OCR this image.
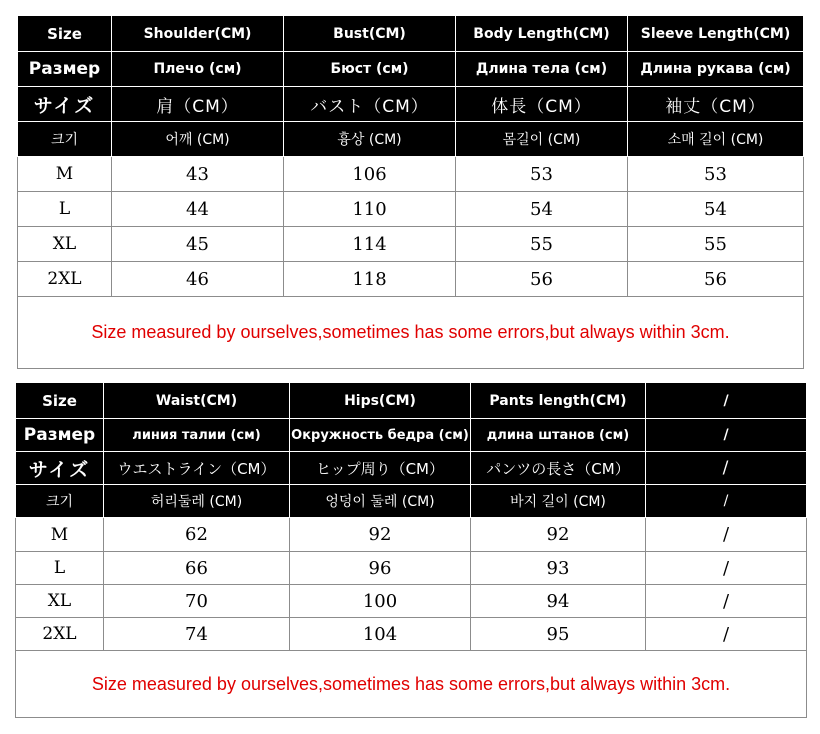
Size	Shoulder(CM)	Bust(CM)	Body Length(CM)	Sleeve Length(CM)
Размер	Плечо (см)	Бюст (см)	Длина тела (см)	Длина рукава (см)
サイズ	肩（CM）	バスト（CM）	体長（CM）	袖丈（CM）
크기	어깨 (CM)	흉상 (CM)	몸길이 (CM)	소매 길이 (CM)
M	43	106	53	53
L	44	110	54	54
XL	45	114	55	55
2XL	46	118	56	56
Size measured by ourselves,sometimes has some errors,but always within 3cm.				
Size	Waist(CM)	Hips(CM)	Pants length(CM)	/
Размер	линия талии (см)	Окружность бедра (см)	длина штанов (см)	/
サイズ	ウエストライン（CM）	ヒップ周り（CM）	パンツの長さ（CM）	/
크기	허리둘레 (CM)	엉덩이 둘레 (CM)	바지 길이 (CM)	/
M	62	92	92	/
L	66	96	93	/
XL	70	100	94	/
2XL	74	104	95	/
Size measured by ourselves,sometimes has some errors,but always within 3cm.				
